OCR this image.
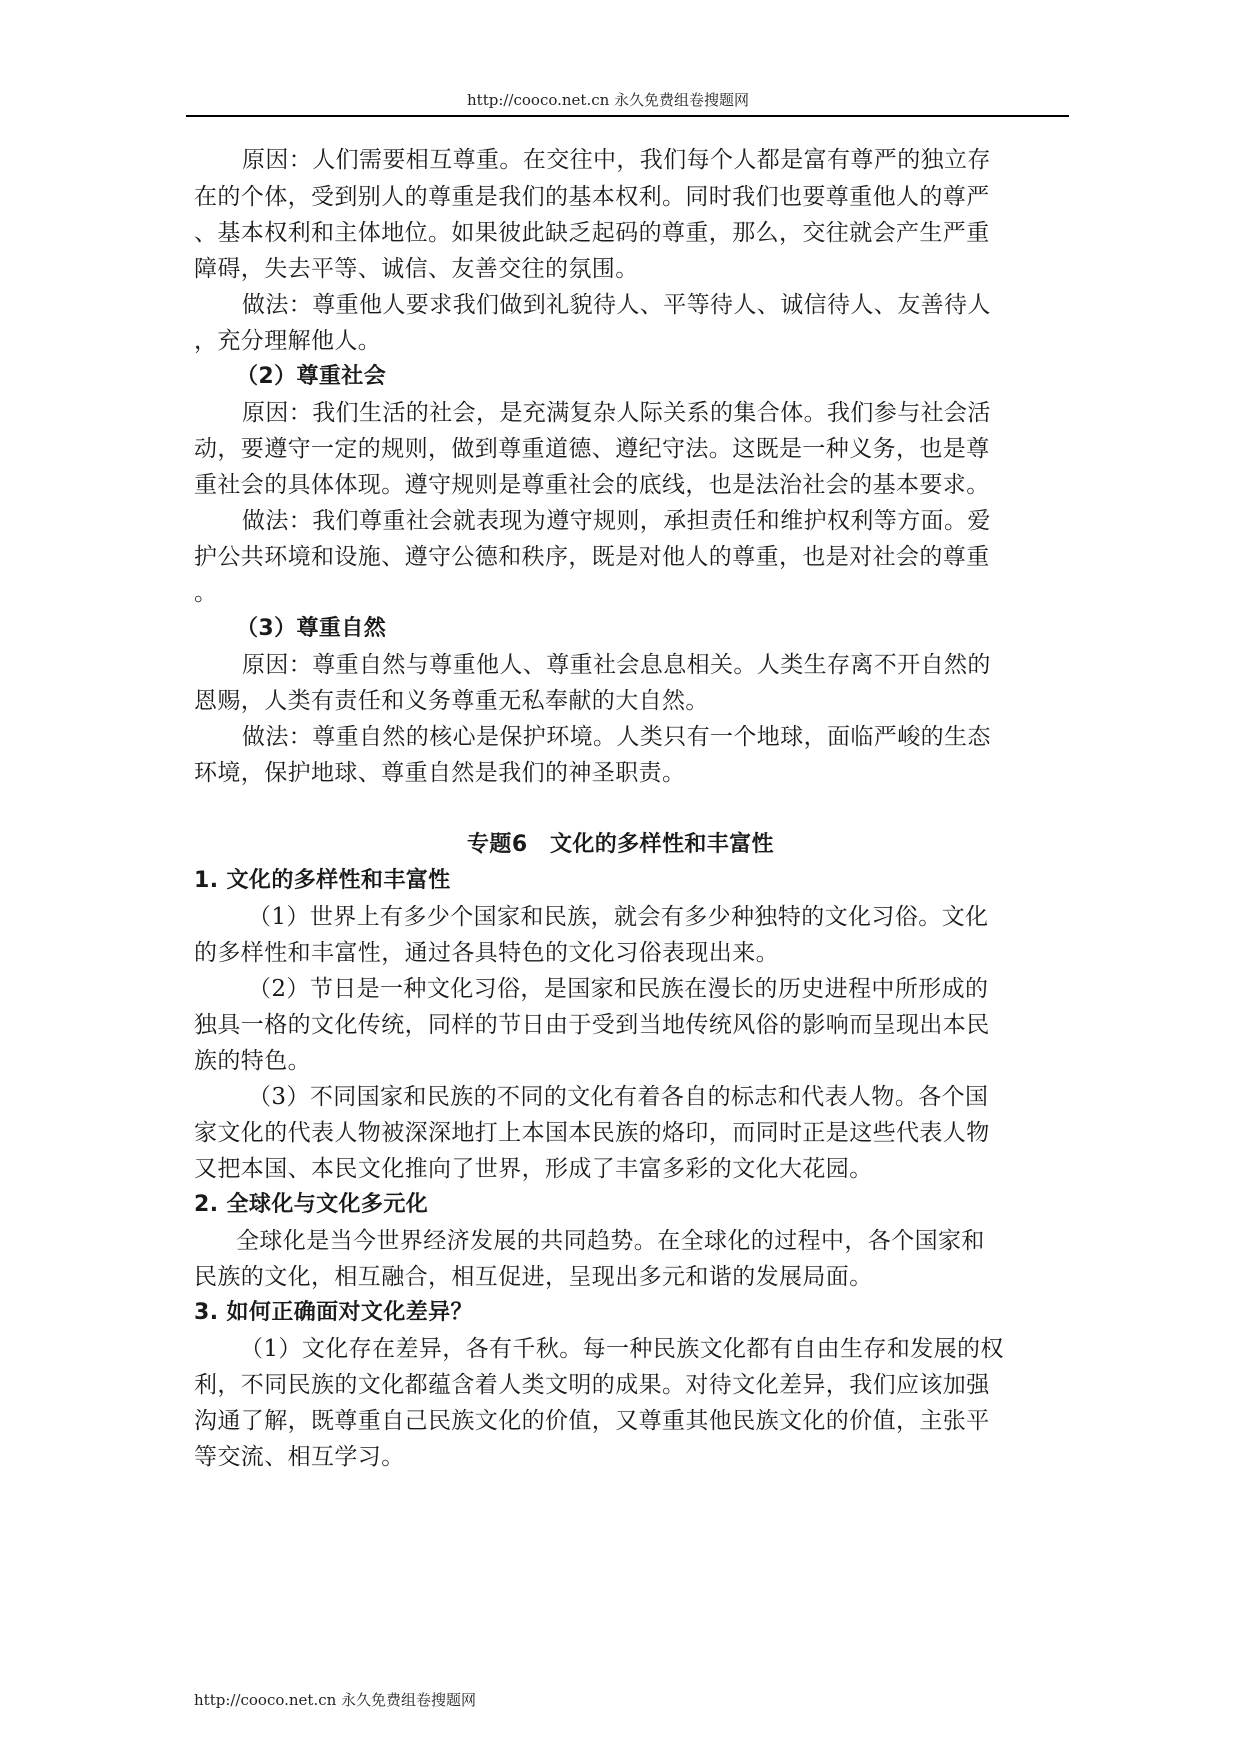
http://cooco.net.cn 永久免费组卷搜题网
原因：人们需要相互尊重。在交往中，我们每个人都是富有尊严的独立存
在的个体，受到别人的尊重是我们的基本权利。同时我们也要尊重他人的尊严
、基本权利和主体地位。如果彼此缺乏起码的尊重，那么，交往就会产生严重
障碍，失去平等、诚信、友善交往的氛围。
做法：尊重他人要求我们做到礼貌待人、平等待人、诚信待人、友善待人
，充分理解他人。
（2）尊重社会
原因：我们生活的社会，是充满复杂人际关系的集合体。我们参与社会活
动，要遵守一定的规则，做到尊重道德、遵纪守法。这既是一种义务，也是尊
重社会的具体体现。遵守规则是尊重社会的底线，也是法治社会的基本要求。
做法：我们尊重社会就表现为遵守规则，承担责任和维护权利等方面。爱
护公共环境和设施、遵守公德和秩序，既是对他人的尊重，也是对社会的尊重
。
（3）尊重自然
原因：尊重自然与尊重他人、尊重社会息息相关。人类生存离不开自然的
恩赐，人类有责任和义务尊重无私奉献的大自然。
做法：尊重自然的核心是保护环境。人类只有一个地球，面临严峻的生态
环境，保护地球、尊重自然是我们的神圣职责。
专题6　文化的多样性和丰富性
1. 文化的多样性和丰富性
（1）世界上有多少个国家和民族，就会有多少种独特的文化习俗。文化
的多样性和丰富性，通过各具特色的文化习俗表现出来。
（2）节日是一种文化习俗，是国家和民族在漫长的历史进程中所形成的
独具一格的文化传统，同样的节日由于受到当地传统风俗的影响而呈现出本民
族的特色。
（3）不同国家和民族的不同的文化有着各自的标志和代表人物。各个国
家文化的代表人物被深深地打上本国本民族的烙印，而同时正是这些代表人物
又把本国、本民文化推向了世界，形成了丰富多彩的文化大花园。
2. 全球化与文化多元化
全球化是当今世界经济发展的共同趋势。在全球化的过程中，各个国家和
民族的文化，相互融合，相互促进，呈现出多元和谐的发展局面。
3. 如何正确面对文化差异？
（1）文化存在差异，各有千秋。每一种民族文化都有自由生存和发展的权
利，不同民族的文化都蕴含着人类文明的成果。对待文化差异，我们应该加强
沟通了解，既尊重自己民族文化的价值，又尊重其他民族文化的价值，主张平
等交流、相互学习。
http://cooco.net.cn 永久免费组卷搜题网
